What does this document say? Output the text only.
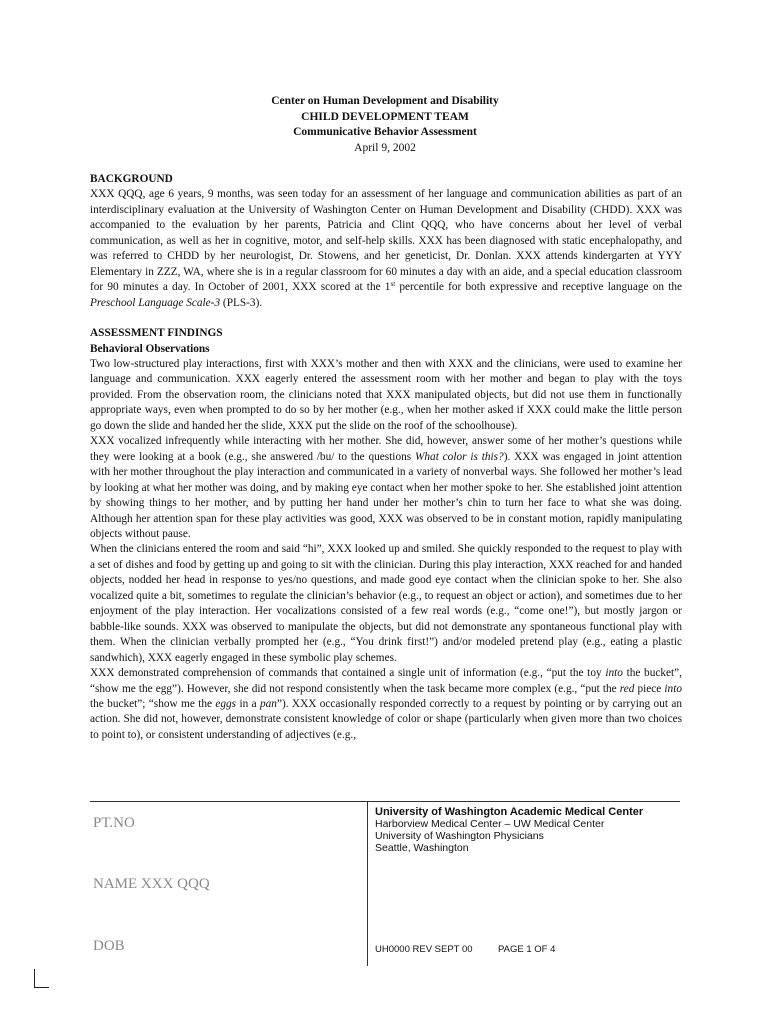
Center on Human Development and Disability
CHILD DEVELOPMENT TEAM
Communicative Behavior Assessment
April 9, 2002
BACKGROUND

XXX QQQ, age 6 years, 9 months, was seen today for an assessment of her language and communication abilities as part of an interdisciplinary evaluation at the University of Washington Center on Human Development and Disability (CHDD). XXX was accompanied to the evaluation by her parents, Patricia and Clint QQQ, who have concerns about her level of verbal communication, as well as her in cognitive, motor, and self-help skills. XXX has been diagnosed with static encephalopathy, and was referred to CHDD by her neurologist, Dr. Stowens, and her geneticist, Dr. Donlan. XXX attends kindergarten at YYY Elementary in ZZZ, WA, where she is in a regular classroom for 60 minutes a day with an aide, and a special education classroom for 90 minutes a day. In October of 2001, XXX scored at the 1st percentile for both expressive and receptive language on the Preschool Language Scale-3 (PLS-3).

ASSESSMENT FINDINGS
Behavioral Observations

Two low-structured play interactions, first with XXX’s mother and then with XXX and the clinicians, were used to examine her language and communication. XXX eagerly entered the assessment room with her mother and began to play with the toys provided. From the observation room, the clinicians noted that XXX manipulated objects, but did not use them in functionally appropriate ways, even when prompted to do so by her mother (e.g., when her mother asked if XXX could make the little person go down the slide and handed her the slide, XXX put the slide on the roof of the schoolhouse).

XXX vocalized infrequently while interacting with her mother. She did, however, answer some of her mother’s questions while they were looking at a book (e.g., she answered /bu/ to the questions What color is this?). XXX was engaged in joint attention with her mother throughout the play interaction and communicated in a variety of nonverbal ways. She followed her mother’s lead by looking at what her mother was doing, and by making eye contact when her mother spoke to her. She established joint attention by showing things to her mother, and by putting her hand under her mother’s chin to turn her face to what she was doing. Although her attention span for these play activities was good, XXX was observed to be in constant motion, rapidly manipulating objects without pause.

When the clinicians entered the room and said “hi”, XXX looked up and smiled. She quickly responded to the request to play with a set of dishes and food by getting up and going to sit with the clinician. During this play interaction, XXX reached for and handed objects, nodded her head in response to yes/no questions, and made good eye contact when the clinician spoke to her. She also vocalized quite a bit, sometimes to regulate the clinician’s behavior (e.g., to request an object or action), and sometimes due to her enjoyment of the play interaction. Her vocalizations consisted of a few real words (e.g., “come one!”), but mostly jargon or babble-like sounds. XXX was observed to manipulate the objects, but did not demonstrate any spontaneous functional play with them. When the clinician verbally prompted her (e.g., “You drink first!”) and/or modeled pretend play (e.g., eating a plastic sandwhich), XXX eagerly engaged in these symbolic play schemes.

XXX demonstrated comprehension of commands that contained a single unit of information (e.g., “put the toy into the bucket”, “show me the egg”). However, she did not respond consistently when the task became more complex (e.g., “put the red piece into the bucket”; “show me the eggs in a pan”). XXX occasionally responded correctly to a request by pointing or by carrying out an action. She did not, however, demonstrate consistent knowledge of color or shape (particularly when given more than two choices to point to), or consistent understanding of adjectives (e.g.,

PT.NO
NAME XXX QQQ
DOB
University of Washington Academic Medical Center
Harborview Medical Center – UW Medical Center
University of Washington Physicians
Seattle, Washington
UH0000 REV SEPT 00	PAGE 1 OF 4
